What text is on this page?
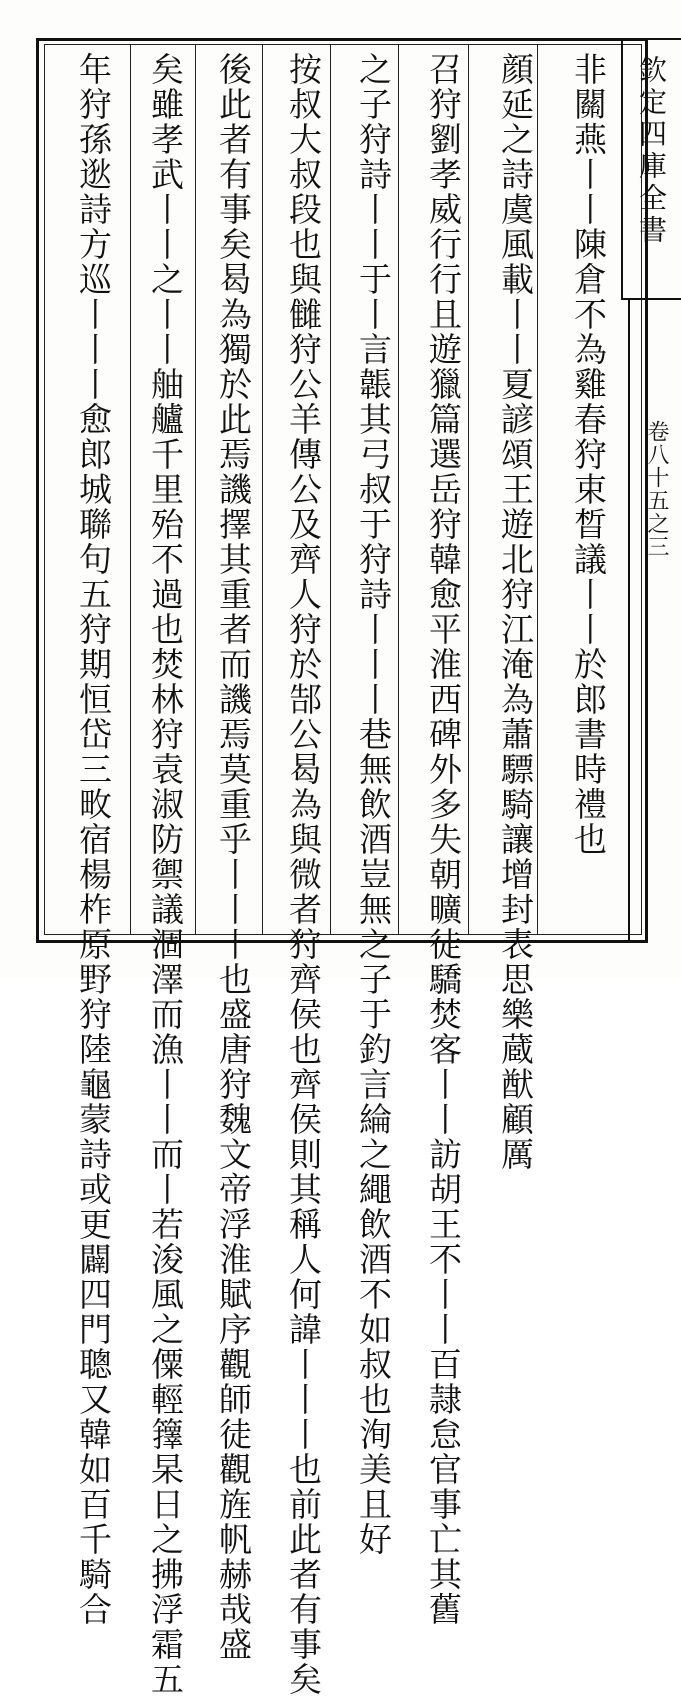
欽定四庫全書
卷八十五之三
非關燕丨丨陳倉不為雞春狩束晳議丨丨於郎書時禮也
顔延之詩虞風載丨丨夏諺頌王遊北狩江淹為蕭驃騎讓增封表思樂蔵猷顧厲
召狩劉孝威行行且遊獵篇選岳狩韓愈平淮西碑外多失朝曠徒驕焚客丨丨訪胡王不丨丨百隷怠官事亡其舊
之子狩詩丨丨于丨言韔其弓叔于狩詩丨丨丨巷無飲酒豈無之子于釣言綸之繩飲酒不如叔也洵美且好
按叔大叔段也與雠狩公羊傳公及齊人狩於郜公曷為與微者狩齊侯也齊侯則其稱人何諱丨丨丨也前此者有事矣
後此者有事矣曷為獨於此焉譏擇其重者而譏焉莫重乎丨丨丨也盛唐狩魏文帝浮淮賦序觀師徒觀旌帆赫哉盛
矣雖孝武丨丨之丨丨舳艫千里殆不過也焚林狩袁淑防禦議涸澤而漁丨丨而丨若浚風之僳輕籜杲日之拂浮霜五
年狩孫逖詩方巡丨丨丨愈郎城聯句五狩期恒岱三畋宿楊柞原野狩陸龜蒙詩或更闢四門聰又韓如百千騎合
